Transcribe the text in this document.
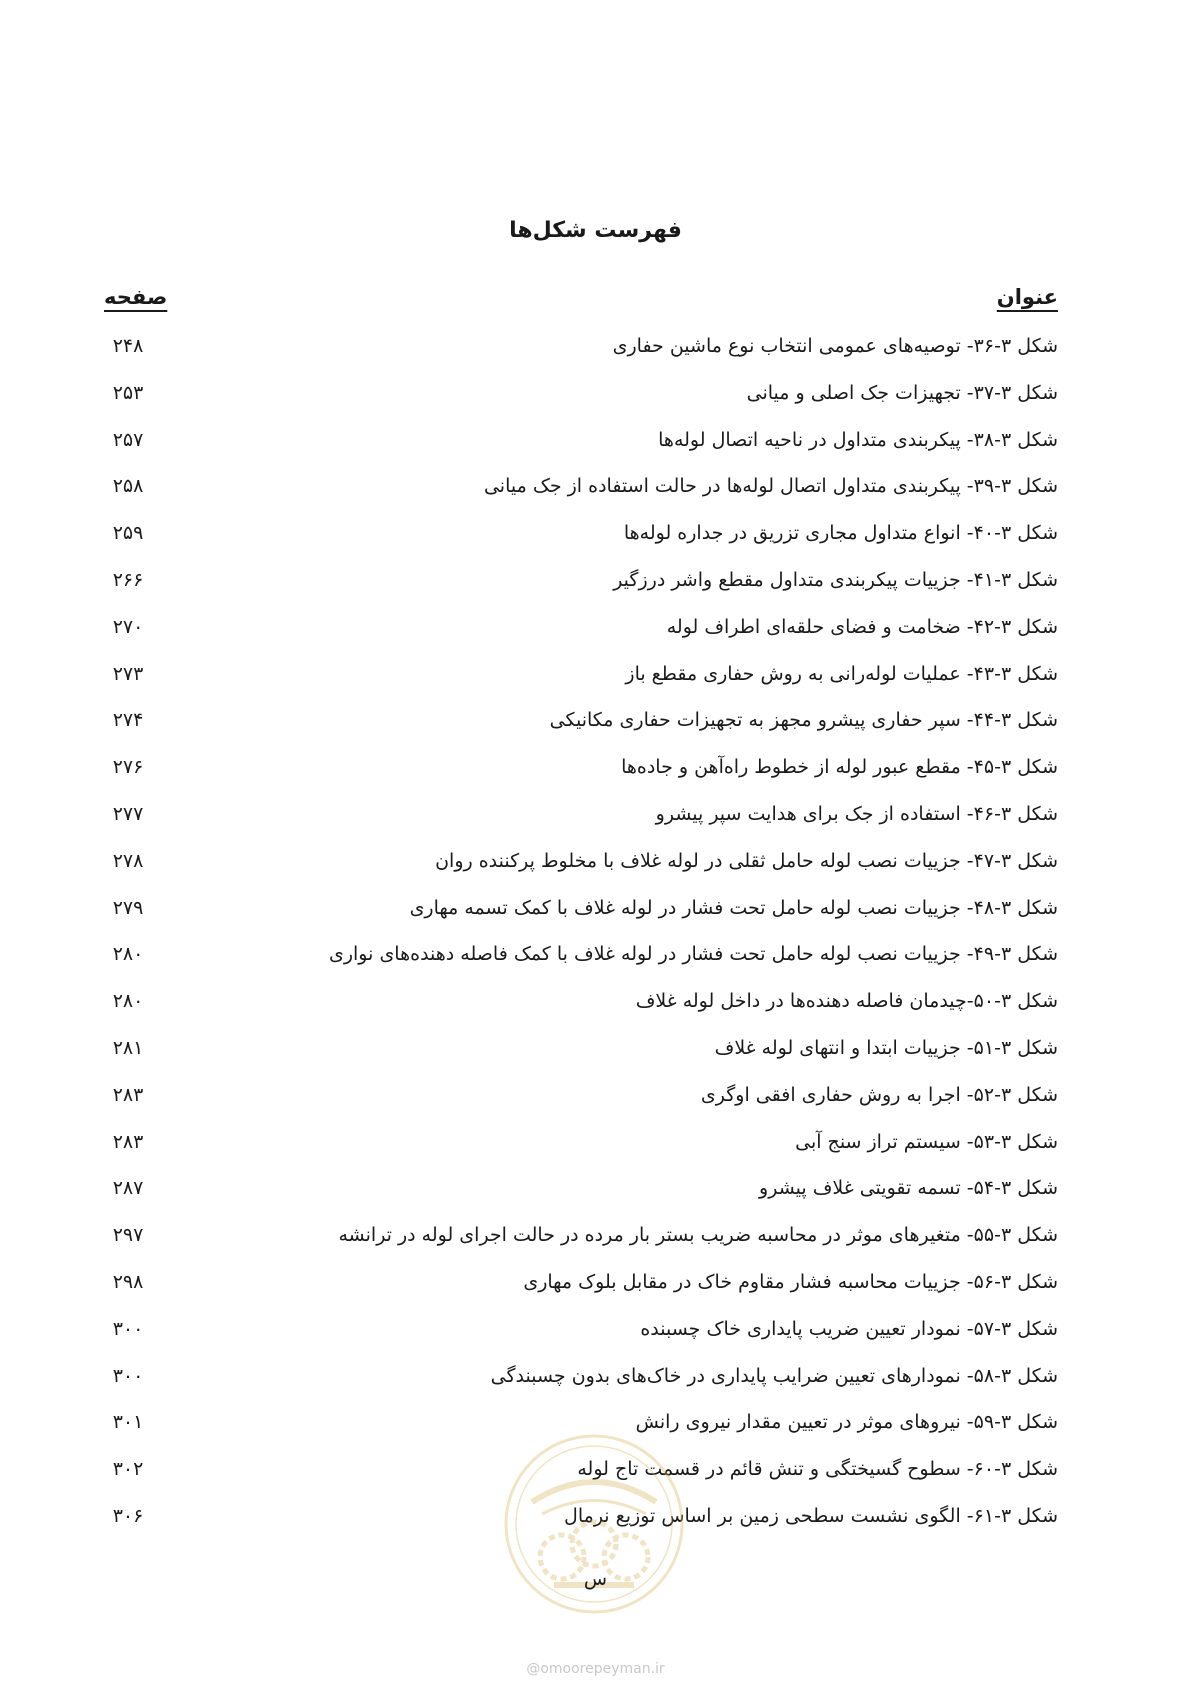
فهرست شکل‌ها
عنوان
صفحه
شکل ۳-۳۶- توصیه‌های عمومی انتخاب نوع ماشین حفاری
۲۴۸
شکل ۳-۳۷- تجهیزات جک اصلی و میانی
۲۵۳
شکل ۳-۳۸- پیکربندی متداول در ناحیه اتصال لوله‌ها
۲۵۷
شکل ۳-۳۹- پیکربندی متداول اتصال لوله‌ها در حالت استفاده از جک میانی
۲۵۸
شکل ۳-۴۰- انواع متداول مجاری تزریق در جداره لوله‌ها
۲۵۹
شکل ۳-۴۱- جزییات پیکربندی متداول مقطع واشر درزگیر
۲۶۶
شکل ۳-۴۲- ضخامت و فضای حلقه‌ای اطراف لوله
۲۷۰
شکل ۳-۴۳- عملیات لوله‌رانی به روش حفاری مقطع باز
۲۷۳
شکل ۳-۴۴- سپر حفاری پیشرو مجهز به تجهیزات حفاری مکانیکی
۲۷۴
شکل ۳-۴۵- مقطع عبور لوله از خطوط راه‌آهن و جاده‌ها
۲۷۶
شکل ۳-۴۶- استفاده از جک برای هدایت سپر پیشرو
۲۷۷
شکل ۳-۴۷- جزییات نصب لوله حامل ثقلی در لوله غلاف با مخلوط پرکننده روان
۲۷۸
شکل ۳-۴۸- جزییات نصب لوله حامل تحت فشار در لوله غلاف با کمک تسمه مهاری
۲۷۹
شکل ۳-۴۹- جزییات نصب لوله حامل تحت فشار در لوله غلاف با کمک فاصله دهنده‌های نواری
۲۸۰
شکل ۳-۵۰-چیدمان فاصله دهنده‌ها در داخل لوله غلاف
۲۸۰
شکل ۳-۵۱- جزییات ابتدا و انتهای لوله غلاف
۲۸۱
شکل ۳-۵۲- اجرا به روش حفاری افقی اوگری
۲۸۳
شکل ۳-۵۳- سیستم تراز سنج آبی
۲۸۳
شکل ۳-۵۴- تسمه تقویتی غلاف پیشرو
۲۸۷
شکل ۳-۵۵- متغیرهای موثر در محاسبه ضریب بستر بار مرده در حالت اجرای لوله در ترانشه
۲۹۷
شکل ۳-۵۶- جزییات محاسبه فشار مقاوم خاک در مقابل بلوک مهاری
۲۹۸
شکل ۳-۵۷- نمودار تعیین ضریب پایداری خاک چسبنده
۳۰۰
شکل ۳-۵۸- نمودارهای تعیین ضرایب پایداری در خاک‌های بدون چسبندگی
۳۰۰
شکل ۳-۵۹- نیروهای موثر در تعیین مقدار نیروی رانش
۳۰۱
شکل ۳-۶۰- سطوح گسیختگی و تنش قائم در قسمت تاج لوله
۳۰۲
شکل ۳-۶۱- الگوی نشست سطحی زمین بر اساس توزیع نرمال
۳۰۶
س
@omoorepeyman.ir
